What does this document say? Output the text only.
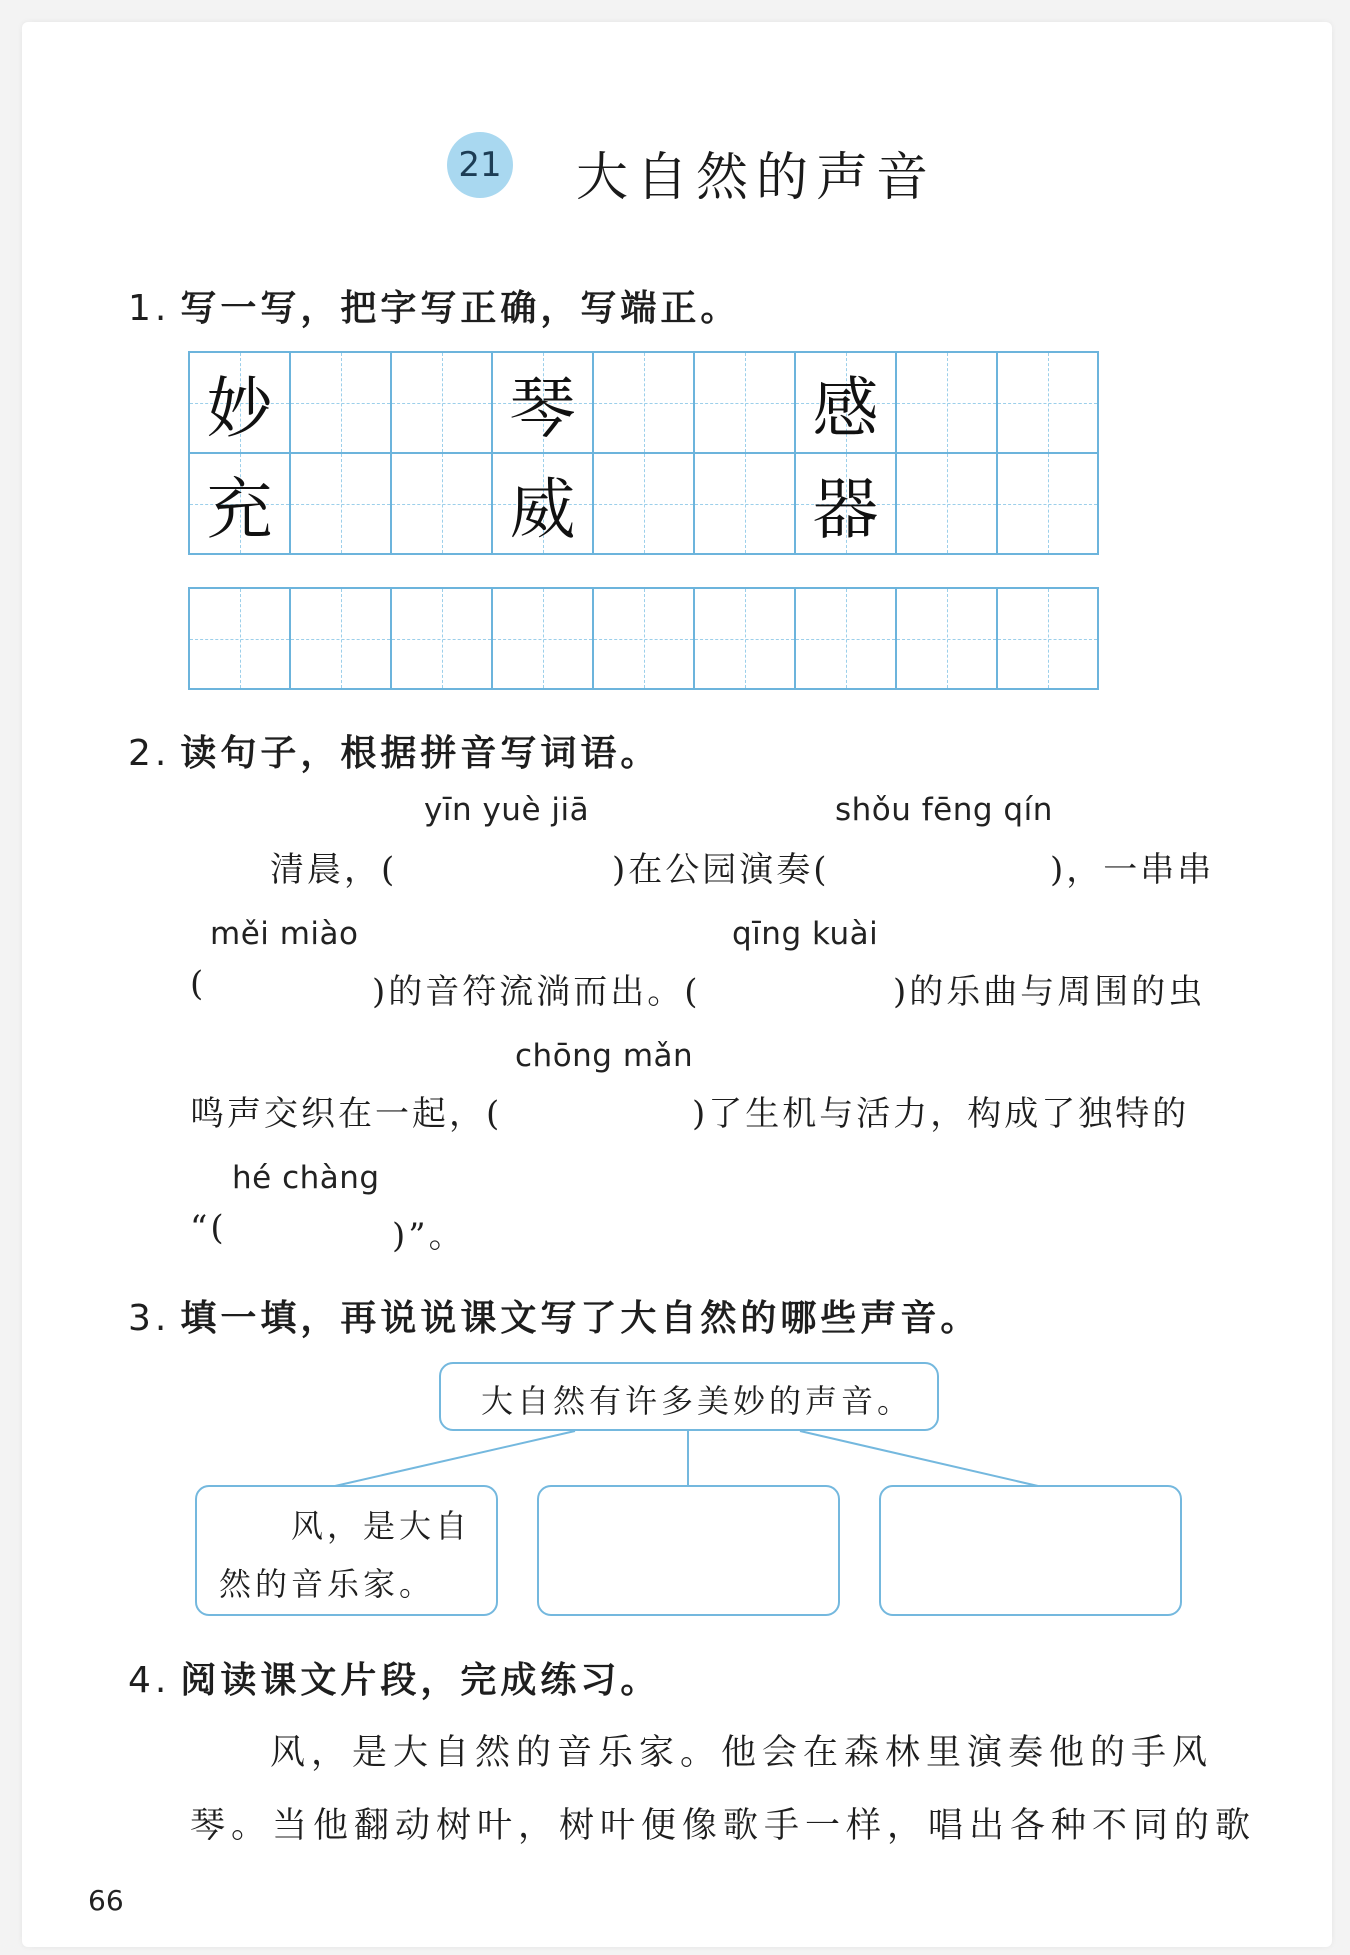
21 大自然的声音
1. 写一写，把字写正确，写端正。
妙	琴	感
充	威	器
2. 读句子，根据拼音写词语。
yīn yuè jiā	shǒu fēng qín
清晨，(	)在公园演奏(	)，一串串
měi miào	qīng kuài
(	)的音符流淌而出。(	)的乐曲与周围的虫
chōng mǎn
鸣声交织在一起，(	)了生机与活力，构成了独特的
hé chàng
“(	)”。
3. 填一填，再说说课文写了大自然的哪些声音。
大自然有许多美妙的声音。
风，是大自
然的音乐家。
4. 阅读课文片段，完成练习。
风，是大自然的音乐家。他会在森林里演奏他的手风
琴。当他翻动树叶，树叶便像歌手一样，唱出各种不同的歌
66
